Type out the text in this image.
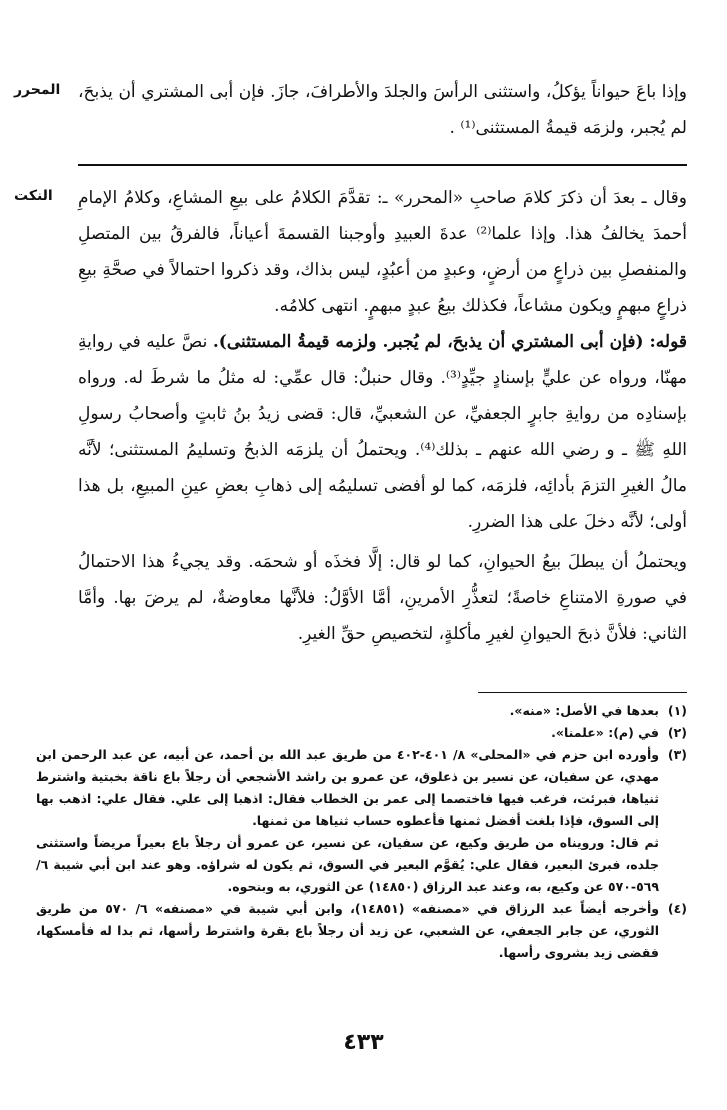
المحرر	وإذا باعَ حيواناً يؤكلُ، واستثنى الرأسَ والجلدَ والأطرافَ، جازَ. فإن أبى المشتري أن يذبحَ، لم يُجبر، ولزمَه قيمةُ المستثنى⁽¹⁾ .

النكت	وقال ـ بعدَ أن ذكرَ كلامَ صاحبِ «المحرر» ـ: تقدَّمَ الكلامُ على بيعِ المشاعِ، وكلامُ الإمامِ أحمدَ يخالفُ هذا. وإذا علما⁽²⁾ عدةَ العبيدِ وأوجبنا القسمةَ أعياناً، فالفرقُ بين المتصلِ والمنفصلِ بين ذراعٍ من أرضٍ، وعبدٍ من أعبُدٍ، ليس بذاك، وقد ذكروا احتمالاً في صحَّةِ بيعِ ذراعٍ مبهمٍ ويكون مشاعاً، فكذلك بيعُ عبدٍ مبهمٍ. انتهى كلامُه.

قوله: (فإن أبى المشتري أن يذبحَ، لم يُجبر. ولزمه قيمةُ المستثنى). نصَّ عليه في روايةِ مهنّا، ورواه عن عليٍّ بإسنادٍ جيِّدٍ⁽³⁾. وقال حنبلٌ: قال عمِّي: له مثلُ ما شرطَ له. ورواه بإسنادِه من روايةِ جابرٍ الجعفيِّ، عن الشعبيِّ، قال: قضى زيدُ بنُ ثابتٍ وأصحابُ رسولِ اللهِ ﷺ ـ و رضي الله عنهم ـ بذلك⁽⁴⁾. ويحتملُ أن يلزمَه الذبحُ وتسليمُ المستثنى؛ لأنَّه مالُ الغيرِ التزمَ بأدائِه، فلزمَه، كما لو أفضى تسليمُه إلى ذهابِ بعضِ عينِ المبيعِ، بل هذا أولى؛ لأنَّه دخلَ على هذا الضررِ.

ويحتملُ أن يبطلَ بيعُ الحيوانِ، كما لو قال: إلَّا فخذَه أو شحمَه. وقد يجيءُ هذا الاحتمالُ في صورةِ الامتناعِ خاصةً؛ لتعذُّرِ الأمرينِ، أمَّا الأوَّلُ: فلأنَّها معاوضةٌ، لم يرضَ بها. وأمَّا الثاني: فلأنَّ ذبحَ الحيوانِ لغيرِ مأكلةٍ، لتخصيصِ حقِّ الغيرِ.

(١)
بعدها في الأصل: «منه».
(٢)
في (م): «علمنا».
(٣)
وأورده ابن حزم في «المحلى» ٨/ ٤٠١-٤٠٢ من طريق عبد الله بن أحمد، عن أبيه، عن عبد الرحمن ابن مهدي، عن سفيان، عن نسير بن ذعلوق، عن عمرو بن راشد الأشجعي أن رجلاً باع ناقة بخبتية واشترط ثنياها، فبرئت، فرغب فيها فاختصما إلى عمر بن الخطاب فقال: اذهبا إلى علي. فقال علي: اذهب بها إلى السوق، فإذا بلغت أفضل ثمنها فأعطوه حساب ثنياها من ثمنها.
ثم قال: ورويناه من طريق وكيع، عن سفيان، عن نسير، عن عمرو أن رجلاً باع بعيراً مريضاً واستثنى جلده، فبرئ البعير، فقال علي: يُقوَّم البعير في السوق، ثم يكون له شراؤه. وهو عند ابن أبي شيبة ٦/ ٥٦٩-٥٧٠ عن وكيع، به، وعند عبد الرزاق (١٤٨٥٠) عن الثوري، به وبنحوه.
(٤)
وأخرجه أيضاً عبد الرزاق في «مصنفه» (١٤٨٥١)، وابن أبي شيبة في «مصنفه» ٦/ ٥٧٠ من طريق الثوري، عن جابر الجعفي، عن الشعبي، عن زيد أن رجلاً باع بقرة واشترط رأسها، ثم بدا له فأمسكها، فقضى زيد بشروى رأسها.
٤٣٣
